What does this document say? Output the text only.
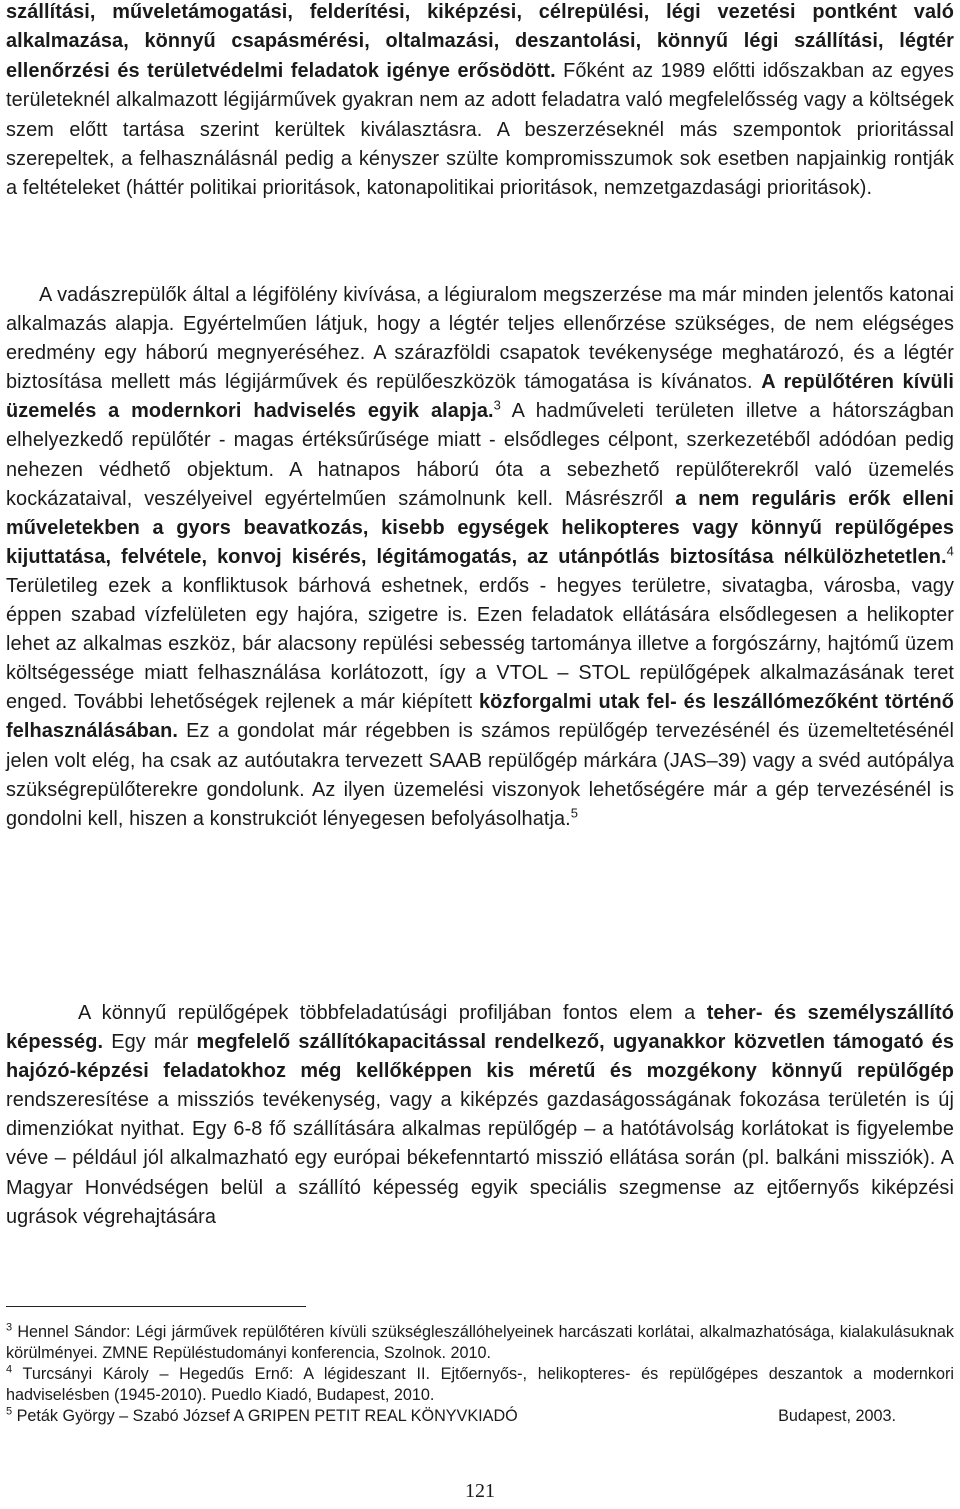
szállítási, műveletámogatási, felderítési, kiképzési, célrepülési, légi vezetési pontként való alkalmazása, könnyű csapásmérési, oltalmazási, deszantolási, könnyű légi szállítási, légtér ellenőrzési és területvédelmi feladatok igénye erősödött. Főként az 1989 előtti időszakban az egyes területeknél alkalmazott légijárművek gyakran nem az adott feladatra való megfelelősség vagy a költségek szem előtt tartása szerint kerültek kiválasztásra. A beszerzéseknél más szempontok prioritással szerepeltek, a felhasználásnál pedig a kényszer szülte kompromisszumok sok esetben napjainkig rontják a feltételeket (háttér politikai prioritások, katonapolitikai prioritások, nemzetgazdasági prioritások).

A vadászrepülők által a légifölény kivívása, a légiuralom megszerzése ma már minden jelentős katonai alkalmazás alapja. Egyértelműen látjuk, hogy a légtér teljes ellenőrzése szükséges, de nem elégséges eredmény egy háború megnyeréséhez. A szárazföldi csapatok tevékenysége meghatározó, és a légtér biztosítása mellett más légijárművek és repülőeszközök támogatása is kívánatos. A repülőtéren kívüli üzemelés a modernkori hadviselés egyik alapja.$^3$ A hadműveleti területen illetve a hátországban elhelyezkedő repülőtér - magas értéksűrűsége miatt - elsődleges célpont, szerkezetéből adódóan pedig nehezen védhető objektum. A hatnapos háború óta a sebezhető repülőterekről való üzemelés kockázataival, veszélyeivel egyértelműen számolnunk kell. Másrészről a nem reguláris erők elleni műveletekben a gyors beavatkozás, kisebb egységek helikopteres vagy könnyű repülőgépes kijuttatása, felvétele, konvoj kisérés, légitámogatás, az utánpótlás biztosítása nélkülözhetetlen.$^4$ Területileg ezek a konfliktusok bárhová eshetnek, erdős - hegyes területre, sivatagba, városba, vagy éppen szabad vízfelületen egy hajóra, szigetre is. Ezen feladatok ellátására elsődlegesen a helikopter lehet az alkalmas eszköz, bár alacsony repülési sebesség tartománya illetve a forgószárny, hajtómű üzem költségessége miatt felhasználása korlátozott, így a VTOL – STOL repülőgépek alkalmazásának teret enged. További lehetőségek rejlenek a már kiépített közforgalmi utak fel- és leszállómezőként történő felhasználásában. Ez a gondolat már régebben is számos repülőgép tervezésénél és üzemeltetésénél jelen volt elég, ha csak az autóutakra tervezett SAAB repülőgép márkára (JAS–39) vagy a svéd autópálya szükségrepülőterekre gondolunk. Az ilyen üzemelési viszonyok lehetőségére már a gép tervezésénél is gondolni kell, hiszen a konstrukciót lényegesen befolyásolhatja.$^5$

A könnyű repülőgépek többfeladatúsági profiljában fontos elem a teher- és személyszállító képesség. Egy már megfelelő szállítókapacitással rendelkező, ugyanakkor közvetlen támogató és hajózó-képzési feladatokhoz még kellőképpen kis méretű és mozgékony könnyű repülőgép rendszeresítése a missziós tevékenység, vagy a kiképzés gazdaságosságának fokozása területén is új dimenziókat nyithat. Egy 6-8 fő szállítására alkalmas repülőgép – a hatótávolság korlátokat is figyelembe véve – például jól alkalmazható egy európai békefenntartó misszió ellátása során (pl. balkáni missziók). A Magyar Honvédségen belül a szállító képesség egyik speciális szegmense az ejtőernyős kiképzési ugrások végrehajtására

$^3$ Hennel Sándor: Légi járművek repülőtéren kívüli szükségleszállóhelyeinek harcászati korlátai, alkalmazhatósága, kialakulásuknak körülményei. ZMNE Repüléstudományi konferencia, Szolnok. 2010.

$^4$ Turcsányi Károly – Hegedűs Ernő: A légideszant II. Ejtőernyős-, helikopteres- és repülőgépes deszantok a modernkori hadviselésben (1945-2010). Puedlo Kiadó, Budapest, 2010.

$^5$ Peták György – Szabó József A GRIPEN PETIT REAL KÖNYVKIADÓ	Budapest, 2003.

121
